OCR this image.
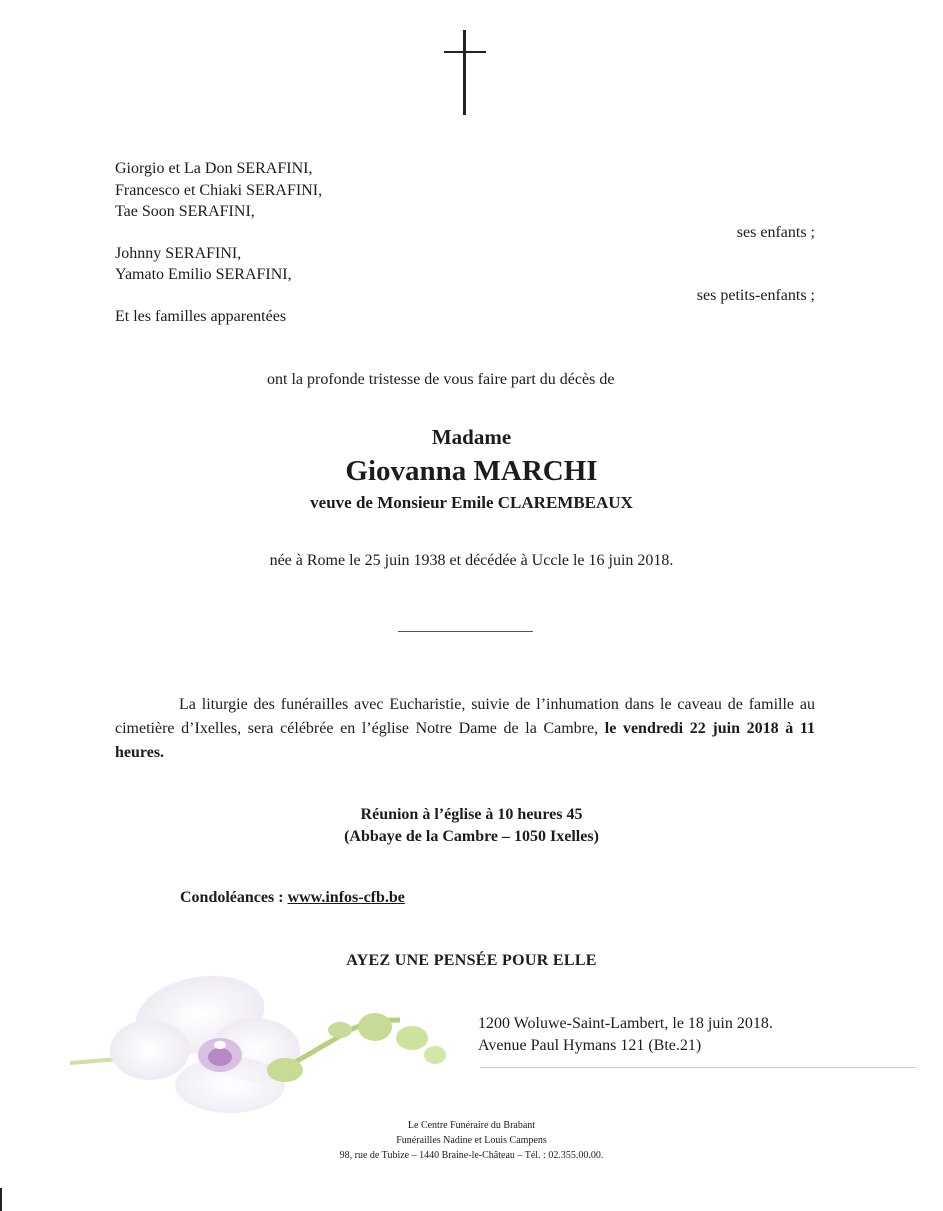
Giorgio et La Don SERAFINI,
Francesco et Chiaki SERAFINI,
Tae Soon SERAFINI,
ses enfants ;
Johnny SERAFINI,
Yamato Emilio SERAFINI,
ses petits-enfants ;
Et les familles apparentées
ont la profonde tristesse de vous faire part du décès de
Madame
Giovanna MARCHI
veuve de Monsieur Emile CLAREMBEAUX
née à Rome le 25 juin 1938 et décédée à Uccle le 16 juin 2018.
La liturgie des funérailles avec Eucharistie, suivie de l’inhumation dans le caveau de famille au cimetière d’Ixelles, sera célébrée en l’église Notre Dame de la Cambre, le vendredi 22 juin 2018 à 11 heures.
Réunion à l’église à 10 heures 45
(Abbaye de la Cambre – 1050 Ixelles)
Condoléances : www.infos-cfb.be
AYEZ UNE PENSÉE POUR ELLE
1200 Woluwe-Saint-Lambert, le 18 juin 2018.
Avenue Paul Hymans 121 (Bte.21)
Le Centre Funéraire du Brabant
Funérailles Nadine et Louis Campens
98, rue de Tubize – 1440 Braine-le-Château – Tél. : 02.355.00.00.
